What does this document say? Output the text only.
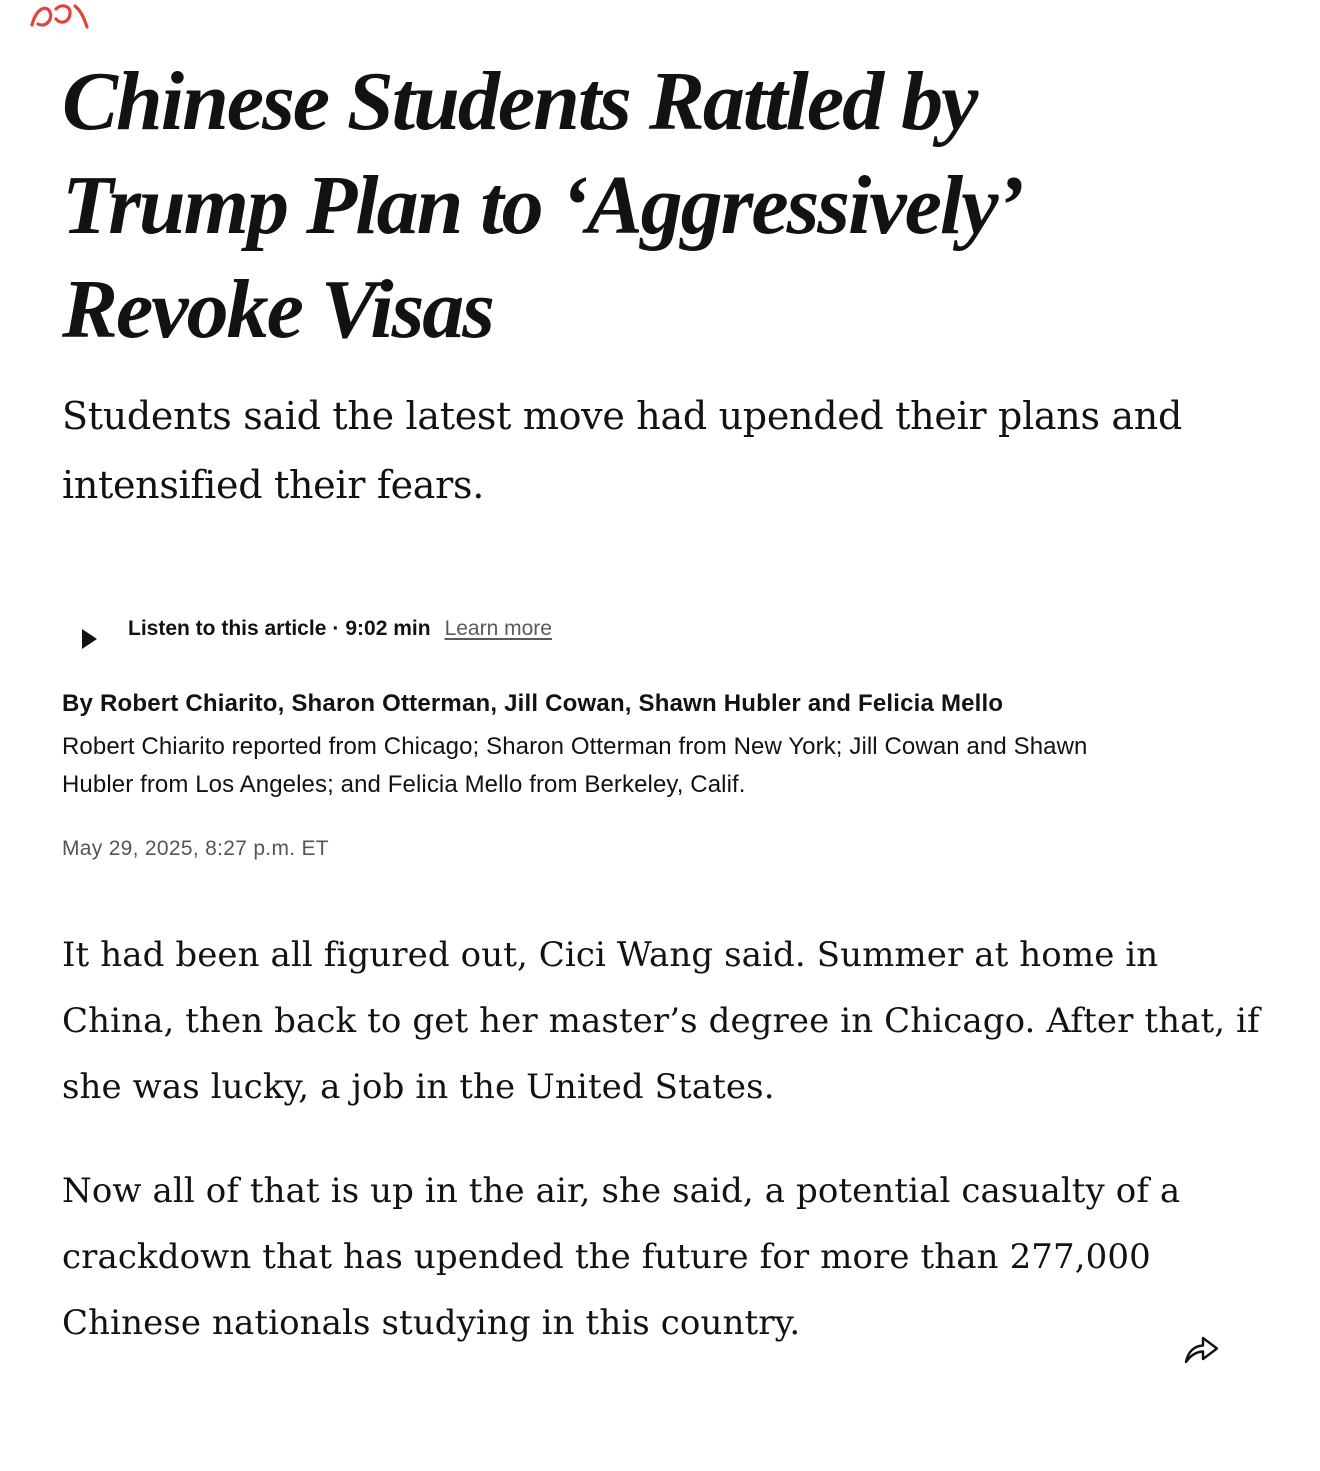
Chinese Students Rattled by Trump Plan to ‘Aggressively’ Revoke Visas

Students said the latest move had upended their plans and intensified their fears.

Listen to this article · 9:02 min Learn more

By Robert Chiarito, Sharon Otterman, Jill Cowan, Shawn Hubler and Felicia Mello

Robert Chiarito reported from Chicago; Sharon Otterman from New York; Jill Cowan and Shawn Hubler from Los Angeles; and Felicia Mello from Berkeley, Calif.

May 29, 2025, 8:27 p.m. ET

It had been all figured out, Cici Wang said. Summer at home in China, then back to get her master’s degree in Chicago. After that, if she was lucky, a job in the United States.

Now all of that is up in the air, she said, a potential casualty of a crackdown that has upended the future for more than 277,000 Chinese nationals studying in this country.
